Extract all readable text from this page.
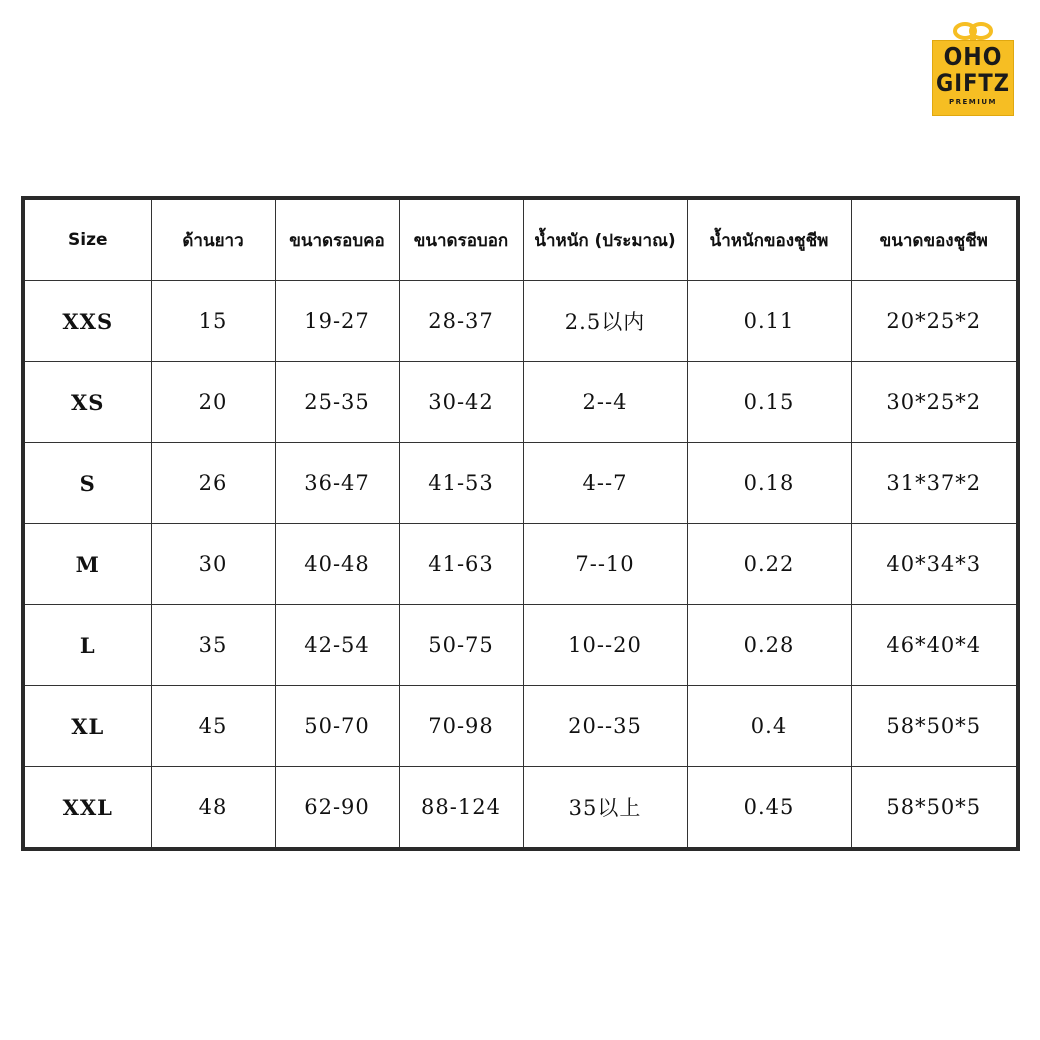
OHO
GIFTZ
PREMIUM
Size	ด้านยาว	ขนาดรอบคอ	ขนาดรอบอก	น้ำหนัก (ประมาณ)	น้ำหนักของชูชีพ	ขนาดของชูชีพ
XXS	15	19-27	28-37	2.5以内	0.11	20*25*2
XS	20	25-35	30-42	2--4	0.15	30*25*2
S	26	36-47	41-53	4--7	0.18	31*37*2
M	30	40-48	41-63	7--10	0.22	40*34*3
L	35	42-54	50-75	10--20	0.28	46*40*4
XL	45	50-70	70-98	20--35	0.4	58*50*5
XXL	48	62-90	88-124	35以上	0.45	58*50*5
